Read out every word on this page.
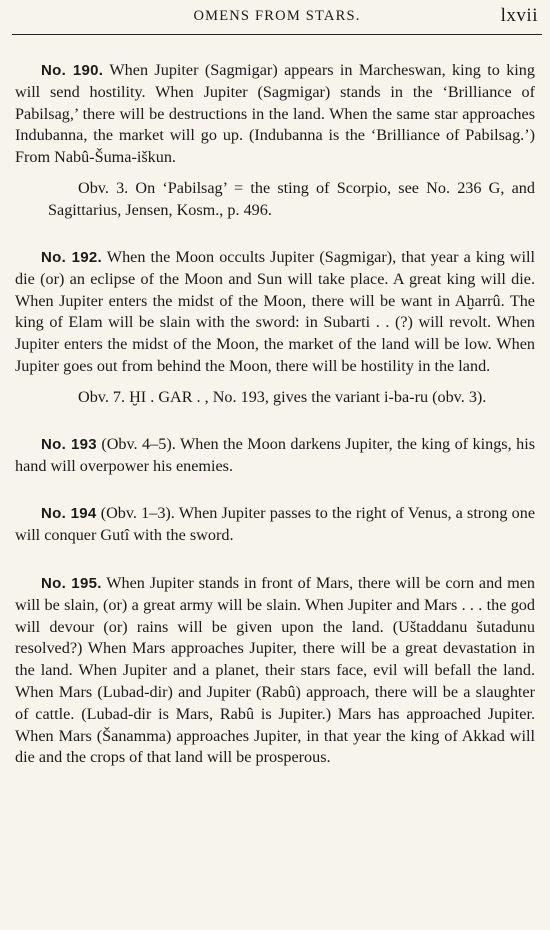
OMENS FROM STARS.	lxvii

No. 190. When Jupiter (Sagmigar) appears in Marcheswan, king to king will send hostility. When Jupiter (Sagmigar) stands in the ‘Brilliance of Pabilsag,’ there will be destructions in the land. When the same star approaches Indubanna, the market will go up. (Indubanna is the ‘Brilliance of Pabilsag.’) From Nabû-Šuma-iškun.

Obv. 3. On ‘Pabilsag’ = the sting of Scorpio, see No. 236 G, and Sagittarius, Jensen, Kosm., p. 496.

No. 192. When the Moon occults Jupiter (Sagmigar), that year a king will die (or) an eclipse of the Moon and Sun will take place. A great king will die. When Jupiter enters the midst of the Moon, there will be want in Aḫarrû. The king of Elam will be slain with the sword: in Subarti . . (?) will revolt. When Jupiter enters the midst of the Moon, the market of the land will be low. When Jupiter goes out from behind the Moon, there will be hostility in the land.

Obv. 7. ḪI . GAR . , No. 193, gives the variant i-ba-ru (obv. 3).

No. 193 (Obv. 4–5). When the Moon darkens Jupiter, the king of kings, his hand will overpower his enemies.

No. 194 (Obv. 1–3). When Jupiter passes to the right of Venus, a strong one will conquer Gutî with the sword.

No. 195. When Jupiter stands in front of Mars, there will be corn and men will be slain, (or) a great army will be slain. When Jupiter and Mars . . . the god will devour (or) rains will be given upon the land. (Uštaddanu šutadunu resolved?) When Mars approaches Jupiter, there will be a great devastation in the land. When Jupiter and a planet, their stars face, evil will befall the land. When Mars (Lubad-dir) and Jupiter (Rabû) approach, there will be a slaughter of cattle. (Lubad-dir is Mars, Rabû is Jupiter.) Mars has approached Jupiter. When Mars (Šanamma) approaches Jupiter, in that year the king of Akkad will die and the crops of that land will be prosperous.
